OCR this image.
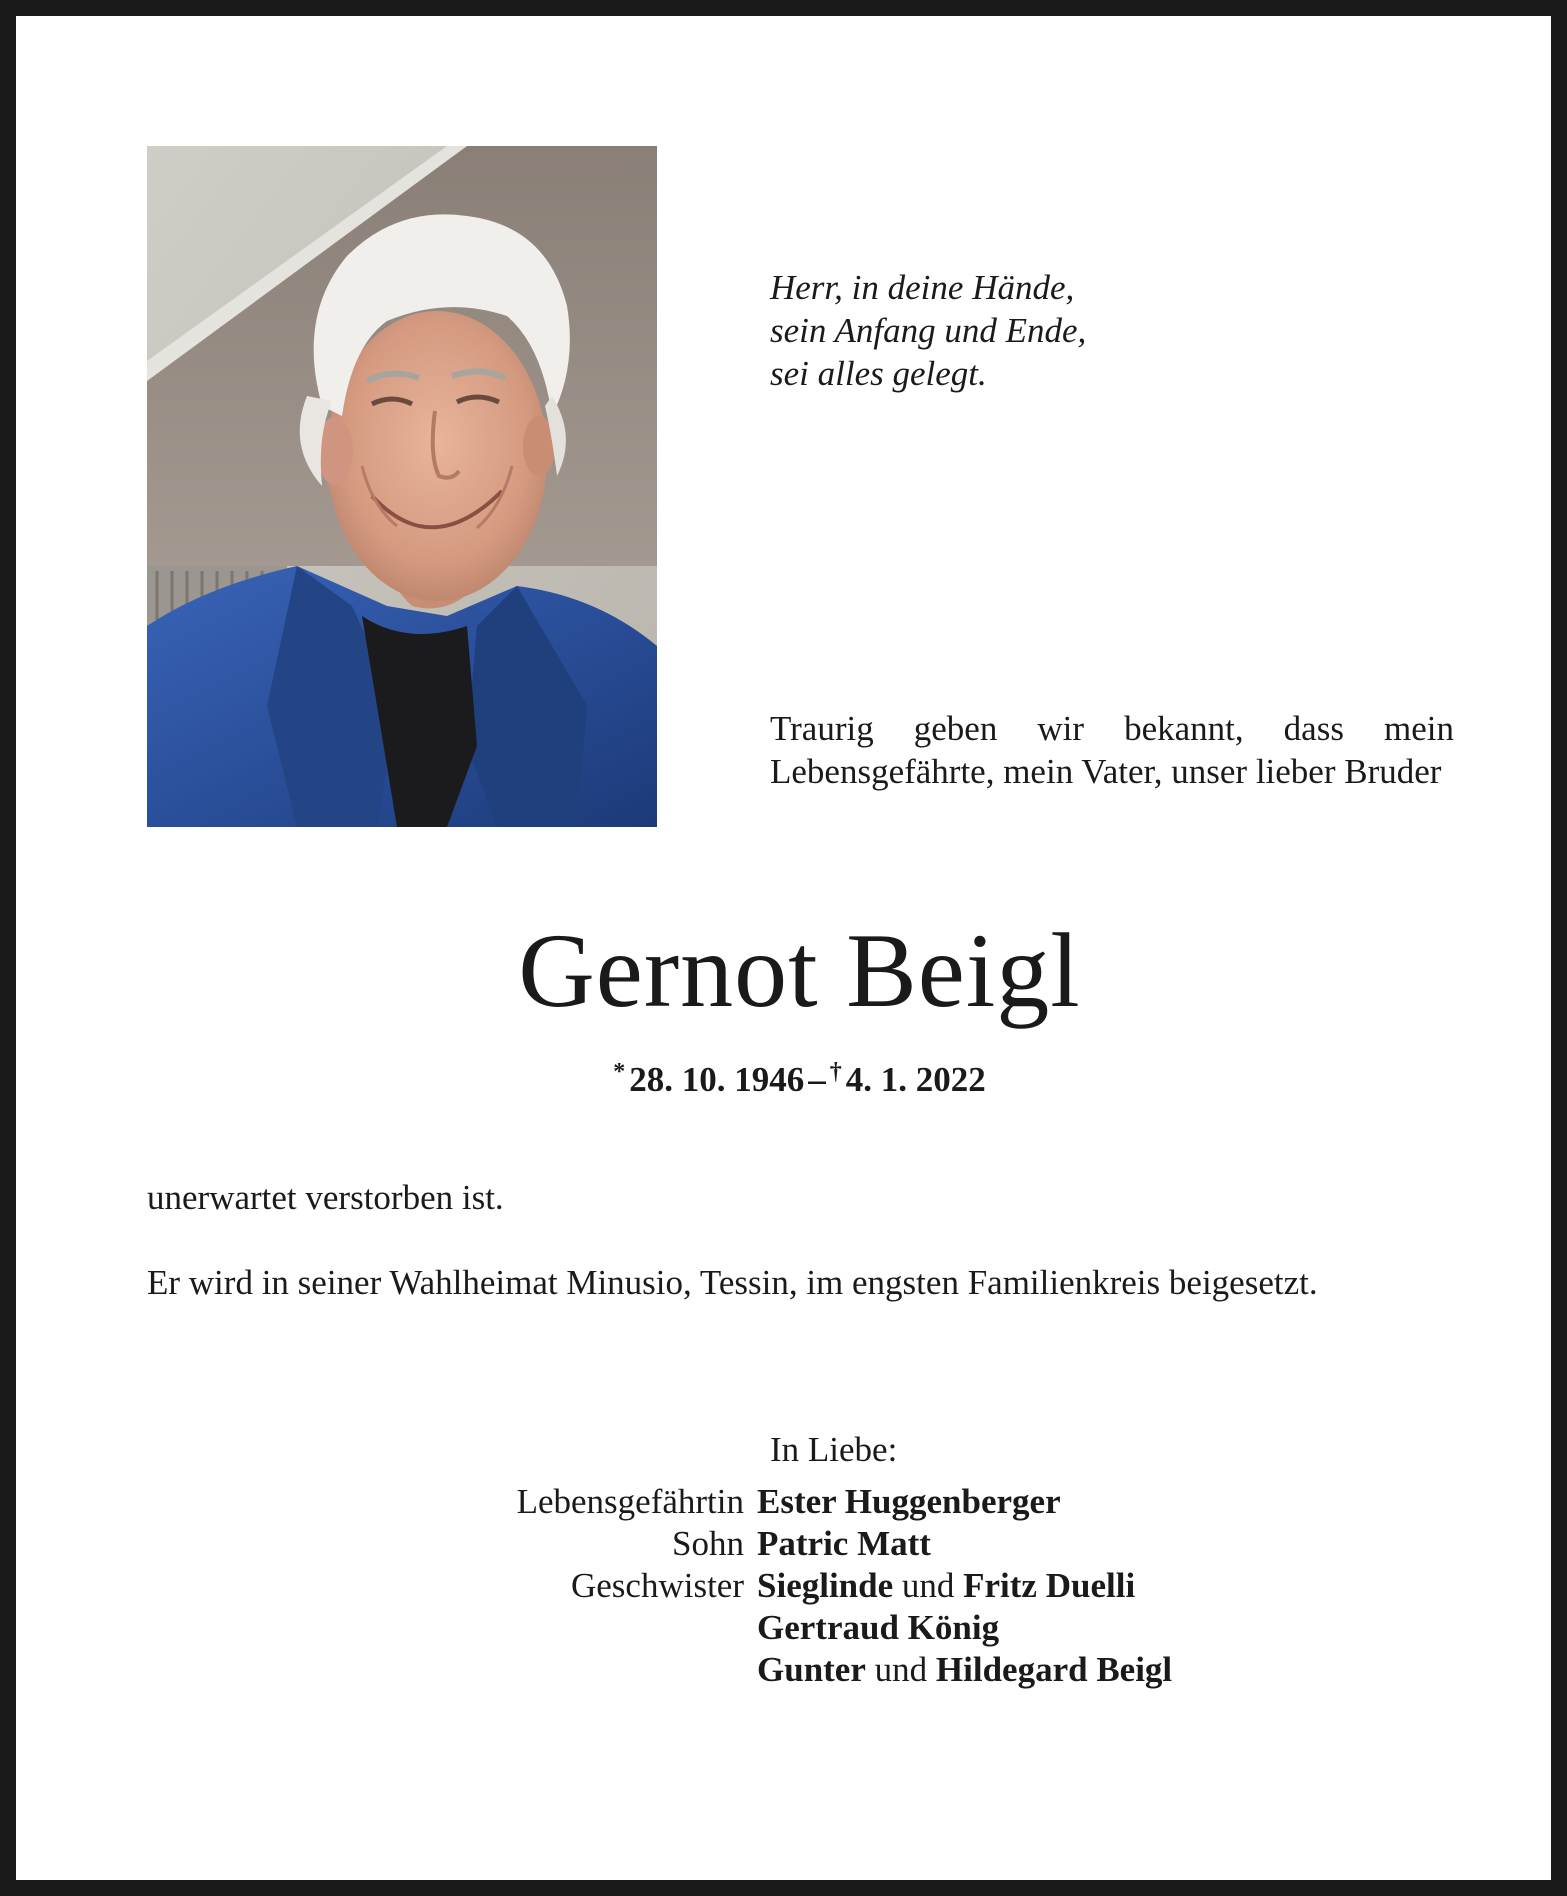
Herr, in deine Hände,
sein Anfang und Ende,
sei alles gelegt.
Traurig geben wir bekannt, dass mein Lebensgefährte, mein Vater, unser lieber Bruder
Gernot Beigl
* 28. 10. 1946 – † 4. 1. 2022
unerwartet verstorben ist.
Er wird in seiner Wahlheimat Minusio, Tessin, im engsten Familienkreis beigesetzt.
In Liebe:
Lebensgefährtin Ester Huggenberger
Sohn Patric Matt
Geschwister Sieglinde und Fritz Duelli
Gertraud König
Gunter und Hildegard Beigl
